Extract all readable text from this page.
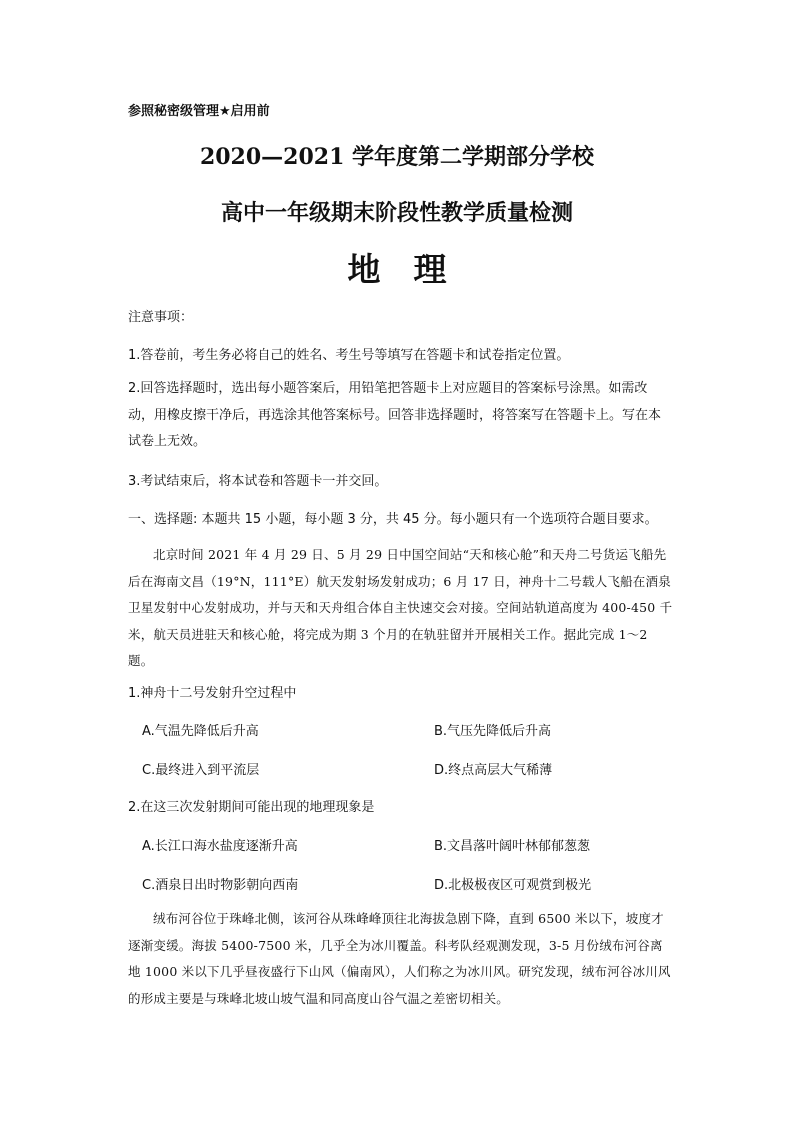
参照秘密级管理★启用前
2020—2021 学年度第二学期部分学校
高中一年级期末阶段性教学质量检测
地　理
注意事项：
1.答卷前，考生务必将自己的姓名、考生号等填写在答题卡和试卷指定位置。
2.回答选择题时，选出每小题答案后，用铅笔把答题卡上对应题目的答案标号涂黑。如需改动，用橡皮擦干净后，再选涂其他答案标号。回答非选择题时，将答案写在答题卡上。写在本试卷上无效。
3.考试结束后，将本试卷和答题卡一并交回。
一、选择题: 本题共 15 小题，每小题 3 分，共 45 分。每小题只有一个选项符合题目要求。
北京时间 2021 年 4 月 29 日、5 月 29 日中国空间站“天和核心舱”和天舟二号货运飞船先后在海南文昌（19°N，111°E）航天发射场发射成功；6 月 17 日，神舟十二号载人飞船在酒泉卫星发射中心发射成功，并与天和天舟组合体自主快速交会对接。空间站轨道高度为 400-450 千米，航天员进驻天和核心舱，将完成为期 3 个月的在轨驻留并开展相关工作。据此完成 1～2 题。
1.神舟十二号发射升空过程中
A.气温先降低后升高	B.气压先降低后升高
C.最终进入到平流层	D.终点高层大气稀薄
2.在这三次发射期间可能出现的地理现象是
A.长江口海水盐度逐渐升高	B.文昌落叶阔叶林郁郁葱葱
C.酒泉日出时物影朝向西南	D.北极极夜区可观赏到极光
绒布河谷位于珠峰北侧，该河谷从珠峰峰顶往北海拔急剧下降，直到 6500 米以下，坡度才逐渐变缓。海拔 5400-7500 米，几乎全为冰川覆盖。科考队经观测发现，3-5 月份绒布河谷离地 1000 米以下几乎昼夜盛行下山风（偏南风），人们称之为冰川风。研究发现，绒布河谷冰川风的形成主要是与珠峰北坡山坡气温和同高度山谷气温之差密切相关。
